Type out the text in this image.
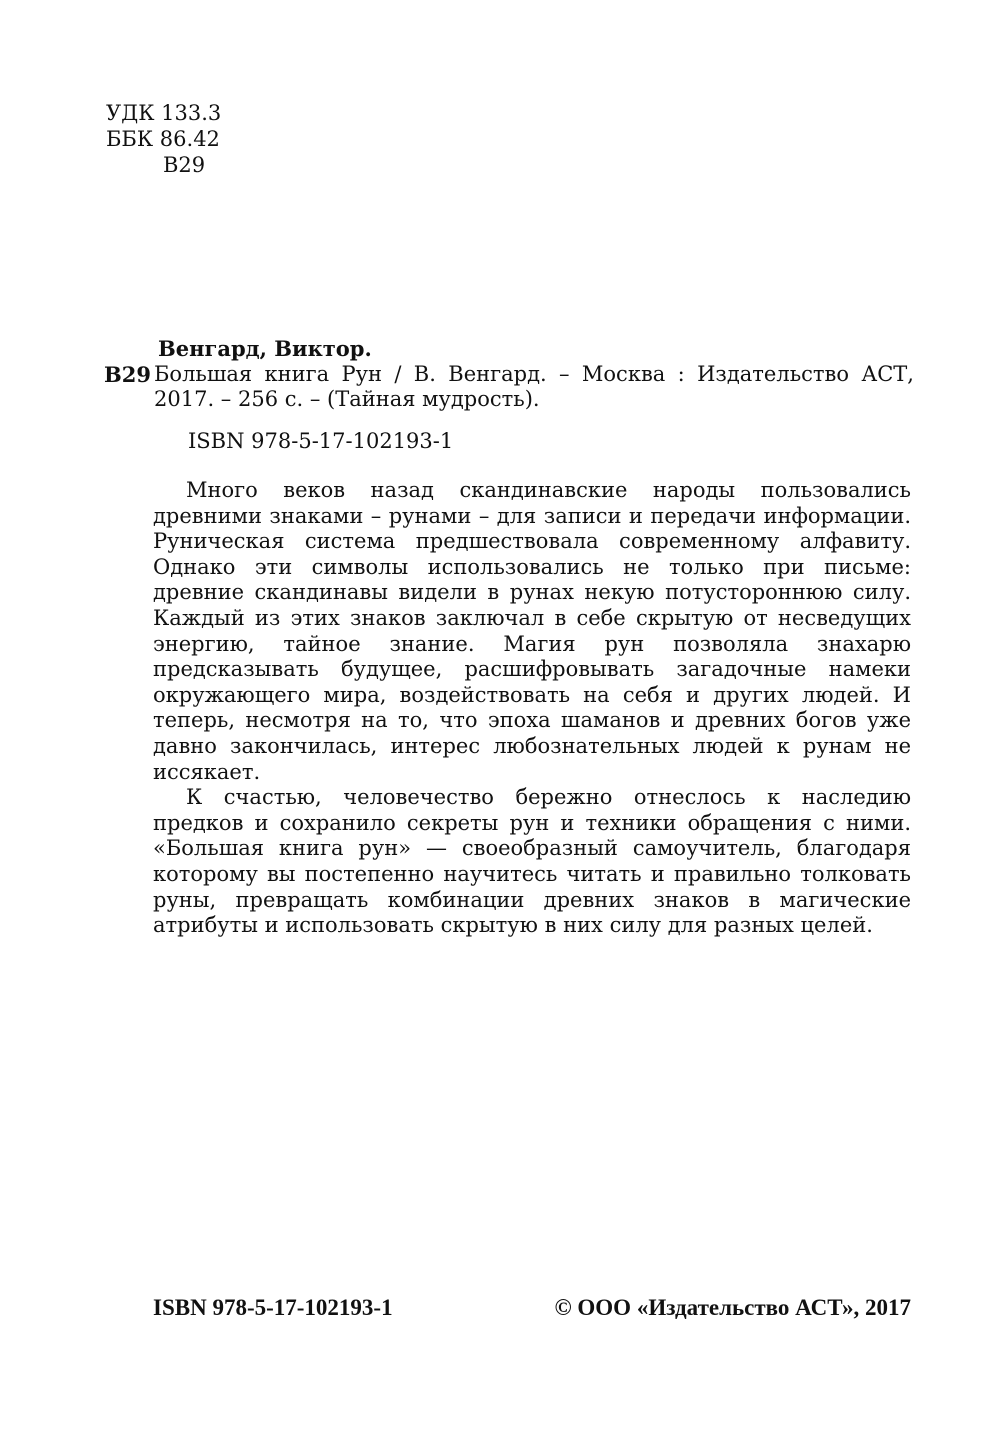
УДК 133.3
ББК 86.42
В29
Венгард, Виктор.
В29 Большая книга Рун / В. Венгард. – Москва : Издательство АСТ, 2017. – 256 с. – (Тайная мудрость).
ISBN 978-5-17-102193-1

Много веков назад скандинавские народы пользовались древними знаками – рунами – для записи и передачи информации. Руническая система предшествовала современному алфавиту. Однако эти символы использовались не только при письме: древние скандинавы видели в рунах некую потустороннюю силу. Каждый из этих знаков заключал в себе скрытую от несведущих энергию, тайное знание. Магия рун позволяла знахарю предсказывать будущее, расшифровывать загадочные намеки окружающего мира, воздействовать на себя и других людей. И теперь, несмотря на то, что эпоха шаманов и древних богов уже давно закончилась, интерес любознательных людей к рунам не иссякает.

К счастью, человечество бережно отнеслось к наследию предков и сохранило секреты рун и техники обращения с ними. «Большая книга рун» — своеобразный самоучитель, благодаря которому вы постепенно научитесь читать и правильно толковать руны, превращать комбинации древних знаков в магические атрибуты и использовать скрытую в них силу для разных целей.

ISBN 978-5-17-102193-1	© ООО «Издательство АСТ», 2017
